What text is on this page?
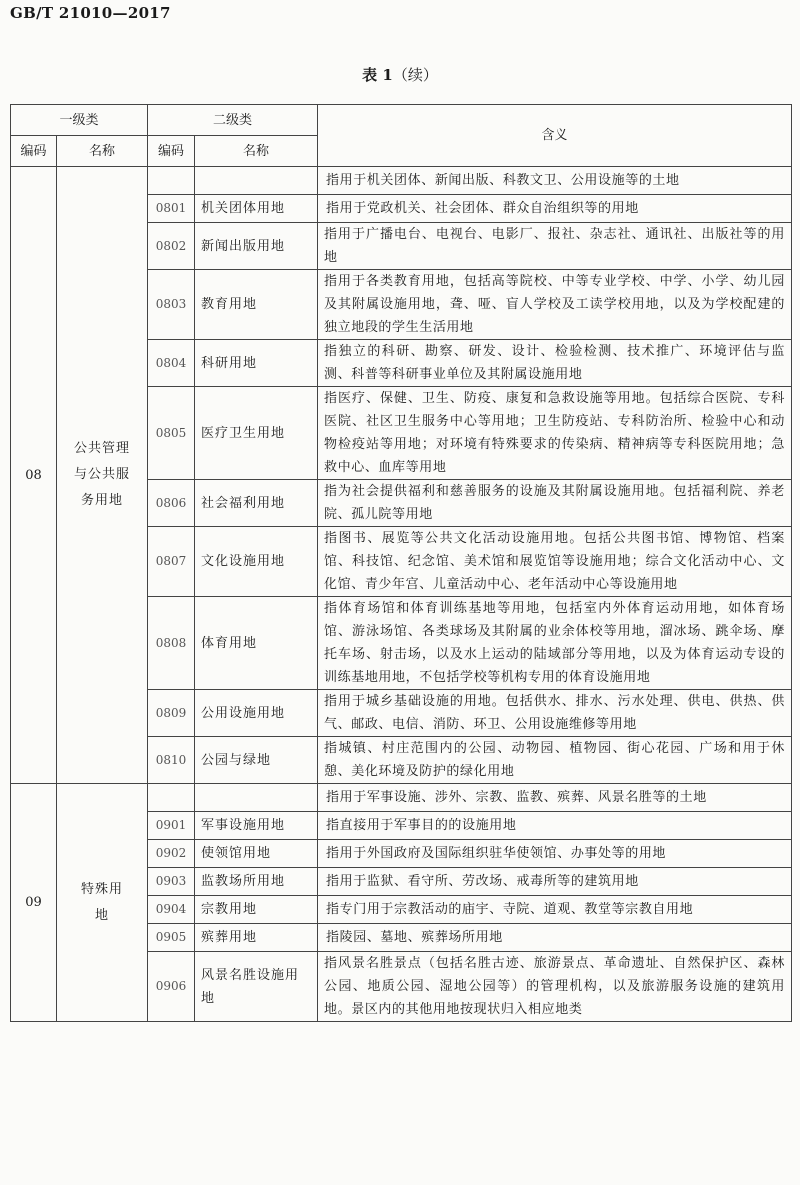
GB/T 21010—2017
表 1（续）
一级类		二级类		含义
编码	名称	编码	名称	
08	公共管理与公共服务用地			指用于机关团体、新闻出版、科教文卫、公用设施等的土地
		0801	机关团体用地	指用于党政机关、社会团体、群众自治组织等的用地
		0802	新闻出版用地	指用于广播电台、电视台、电影厂、报社、杂志社、通讯社、出版社等的用地
		0803	教育用地	指用于各类教育用地，包括高等院校、中等专业学校、中学、小学、幼儿园及其附属设施用地，聋、哑、盲人学校及工读学校用地，以及为学校配建的独立地段的学生生活用地
		0804	科研用地	指独立的科研、勘察、研发、设计、检验检测、技术推广、环境评估与监测、科普等科研事业单位及其附属设施用地
		0805	医疗卫生用地	指医疗、保健、卫生、防疫、康复和急救设施等用地。包括综合医院、专科医院、社区卫生服务中心等用地；卫生防疫站、专科防治所、检验中心和动物检疫站等用地；对环境有特殊要求的传染病、精神病等专科医院用地；急救中心、血库等用地
		0806	社会福利用地	指为社会提供福利和慈善服务的设施及其附属设施用地。包括福利院、养老院、孤儿院等用地
		0807	文化设施用地	指图书、展览等公共文化活动设施用地。包括公共图书馆、博物馆、档案馆、科技馆、纪念馆、美术馆和展览馆等设施用地；综合文化活动中心、文化馆、青少年宫、儿童活动中心、老年活动中心等设施用地
		0808	体育用地	指体育场馆和体育训练基地等用地，包括室内外体育运动用地，如体育场馆、游泳场馆、各类球场及其附属的业余体校等用地，溜冰场、跳伞场、摩托车场、射击场，以及水上运动的陆域部分等用地，以及为体育运动专设的训练基地用地，不包括学校等机构专用的体育设施用地
		0809	公用设施用地	指用于城乡基础设施的用地。包括供水、排水、污水处理、供电、供热、供气、邮政、电信、消防、环卫、公用设施维修等用地
		0810	公园与绿地	指城镇、村庄范围内的公园、动物园、植物园、街心花园、广场和用于休憩、美化环境及防护的绿化用地
09	特殊用地			指用于军事设施、涉外、宗教、监教、殡葬、风景名胜等的土地
		0901	军事设施用地	指直接用于军事目的的设施用地
		0902	使领馆用地	指用于外国政府及国际组织驻华使领馆、办事处等的用地
		0903	监教场所用地	指用于监狱、看守所、劳改场、戒毒所等的建筑用地
		0904	宗教用地	指专门用于宗教活动的庙宇、寺院、道观、教堂等宗教自用地
		0905	殡葬用地	指陵园、墓地、殡葬场所用地
		0906	风景名胜设施用地	指风景名胜景点（包括名胜古迹、旅游景点、革命遗址、自然保护区、森林公园、地质公园、湿地公园等）的管理机构，以及旅游服务设施的建筑用地。景区内的其他用地按现状归入相应地类
